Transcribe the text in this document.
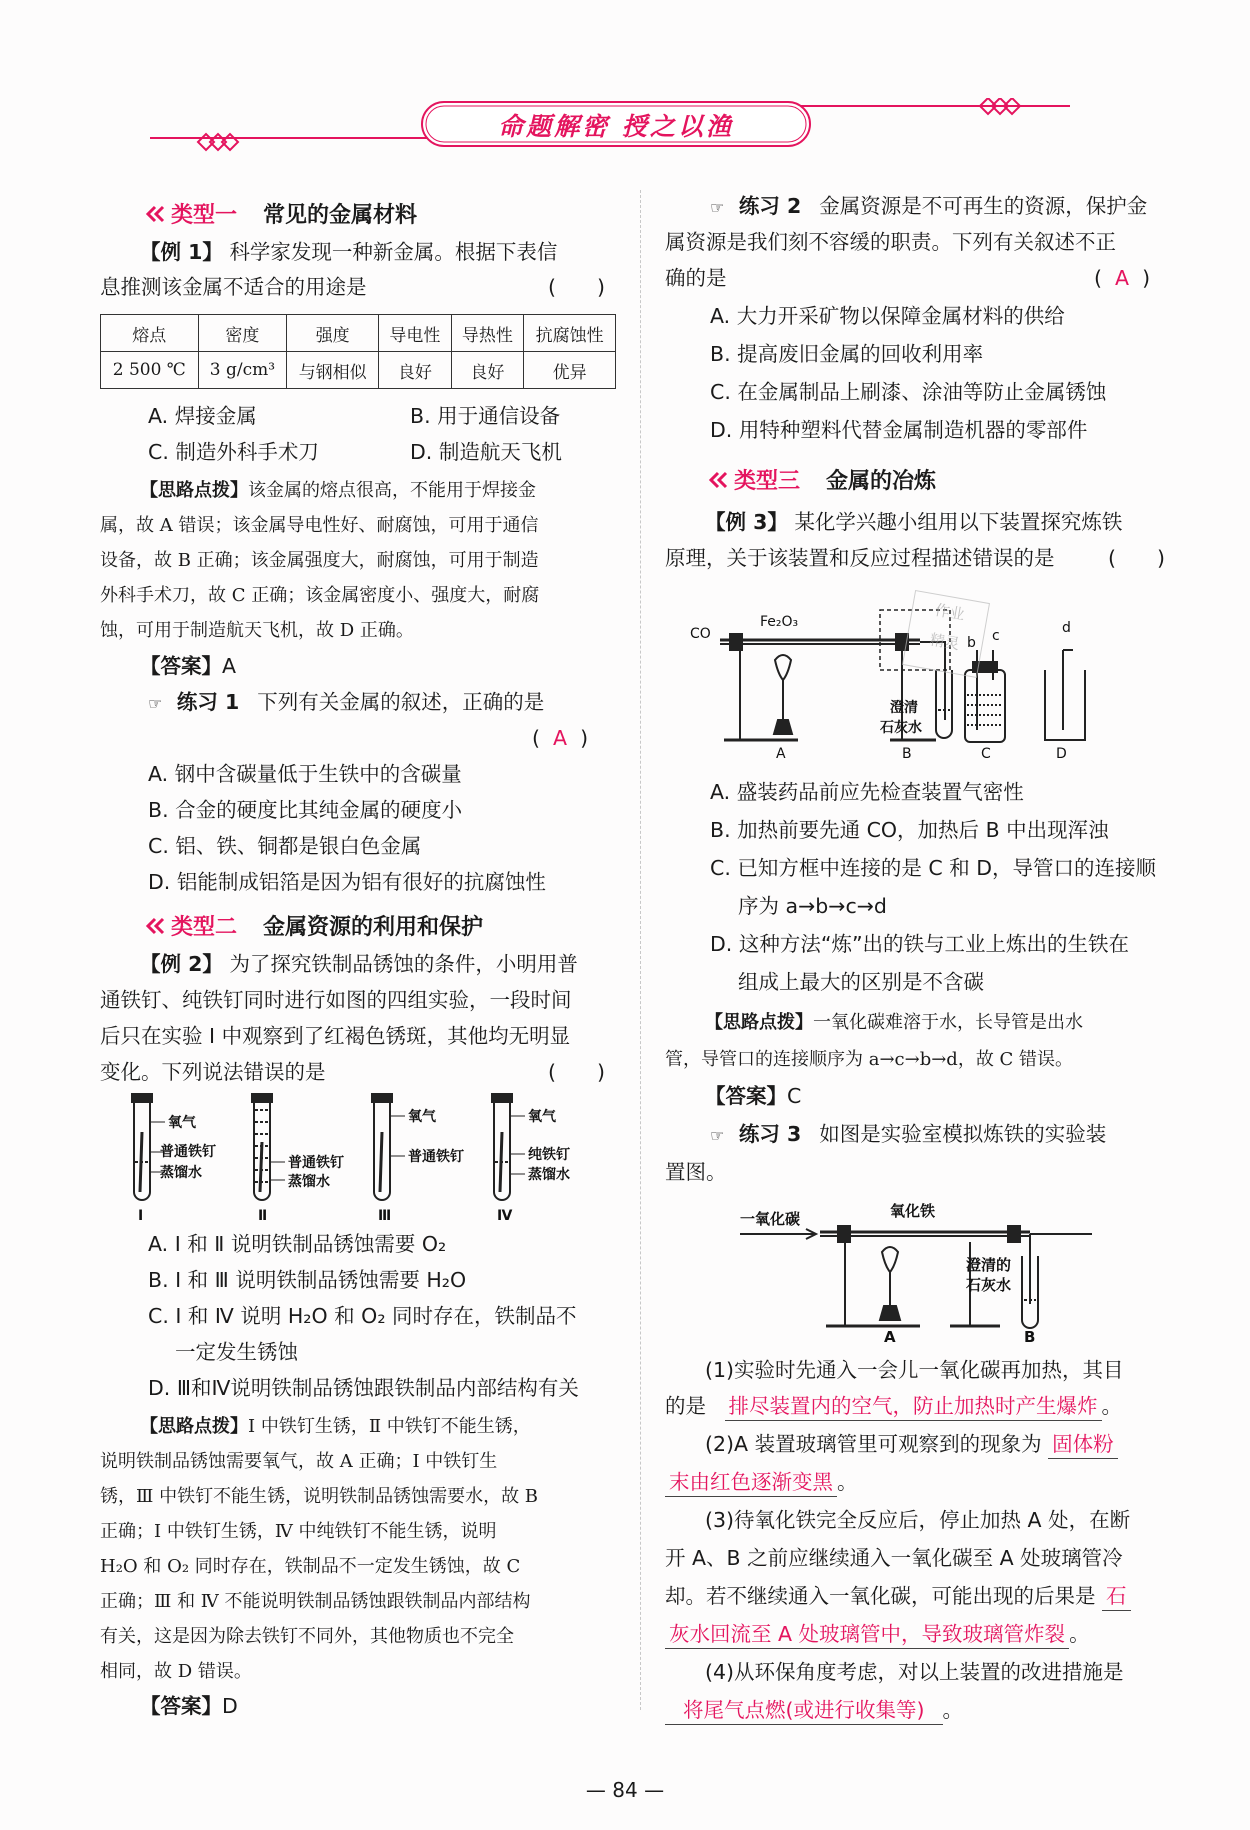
命题解密 授之以渔
类型一 常见的金属材料
【例 1】 科学家发现一种新金属。根据下表信
息推测该金属不适合的用途是	(　　)
熔点	密度	强度	导电性	导热性	抗腐蚀性
2 500 ℃	3 g/cm³	与钢相似	良好	良好	优异
A. 焊接金属	B. 用于通信设备
C. 制造外科手术刀	D. 制造航天飞机
【思路点拨】该金属的熔点很高，不能用于焊接金
属，故 A 错误；该金属导电性好、耐腐蚀，可用于通信
设备，故 B 正确；该金属强度大，耐腐蚀，可用于制造
外科手术刀，故 C 正确；该金属密度小、强度大，耐腐
蚀，可用于制造航天飞机，故 D 正确。
【答案】A
☞ 练习 1 下列有关金属的叙述，正确的是
(  A  )
A. 钢中含碳量低于生铁中的含碳量
B. 合金的硬度比其纯金属的硬度小
C. 铝、铁、铜都是银白色金属
D. 铝能制成铝箔是因为铝有很好的抗腐蚀性
类型二 金属资源的利用和保护
【例 2】 为了探究铁制品锈蚀的条件，小明用普
通铁钉、纯铁钉同时进行如图的四组实验，一段时间
后只在实验 Ⅰ 中观察到了红褐色锈斑，其他均无明显
变化。下列说法错误的是	(　　)
氧气
普通铁钉
蒸馏水
Ⅰ
普通铁钉
蒸馏水
Ⅱ
氧气
普通铁钉
Ⅲ
氧气
纯铁钉
蒸馏水
Ⅳ
A. Ⅰ 和 Ⅱ 说明铁制品锈蚀需要 O₂
B. Ⅰ 和 Ⅲ 说明铁制品锈蚀需要 H₂O
C. Ⅰ 和 Ⅳ 说明 H₂O 和 O₂ 同时存在，铁制品不
一定发生锈蚀
D. Ⅲ和Ⅳ说明铁制品锈蚀跟铁制品内部结构有关
【思路点拨】Ⅰ 中铁钉生锈，Ⅱ 中铁钉不能生锈，
说明铁制品锈蚀需要氧气，故 A 正确；Ⅰ 中铁钉生
锈，Ⅲ 中铁钉不能生锈，说明铁制品锈蚀需要水，故 B
正确；Ⅰ 中铁钉生锈，Ⅳ 中纯铁钉不能生锈，说明
H₂O 和 O₂ 同时存在，铁制品不一定发生锈蚀，故 C
正确；Ⅲ 和 Ⅳ 不能说明铁制品锈蚀跟铁制品内部结构
有关，这是因为除去铁钉不同外，其他物质也不完全
相同，故 D 错误。
【答案】D
☞ 练习 2 金属资源是不可再生的资源，保护金
属资源是我们刻不容缓的职责。下列有关叙述不正
确的是	(  A  )
A. 大力开采矿物以保障金属材料的供给
B. 提高废旧金属的回收利用率
C. 在金属制品上刷漆、涂油等防止金属锈蚀
D. 用特种塑料代替金属制造机器的零部件
类型三 金属的冶炼
【例 3】 某化学兴趣小组用以下装置探究炼铁
原理，关于该装置和反应过程描述错误的是	(　　)
CO
Fe₂O₃
b c	d
澄清
石灰水
A	B	C	D
A. 盛装药品前应先检查装置气密性
B. 加热前要先通 CO，加热后 B 中出现浑浊
C. 已知方框中连接的是 C 和 D，导管口的连接顺
序为 a→b→c→d
D. 这种方法“炼”出的铁与工业上炼出的生铁在
组成上最大的区别是不含碳
【思路点拨】一氧化碳难溶于水，长导管是出水
管，导管口的连接顺序为 a→c→b→d，故 C 错误。
【答案】C
☞ 练习 3 如图是实验室模拟炼铁的实验装
置图。
一氧化碳	氧化铁
澄清的
石灰水
A	B
(1)实验时先通入一会儿一氧化碳再加热，其目
的是 排尽装置内的空气，防止加热时产生爆炸 。
(2)A 装置玻璃管里可观察到的现象为 固体粉
末由红色逐渐变黑 。
(3)待氧化铁完全反应后，停止加热 A 处，在断
开 A、B 之前应继续通入一氧化碳至 A 处玻璃管冷
却。若不继续通入一氧化碳，可能出现的后果是 石
灰水回流至 A 处玻璃管中，导致玻璃管炸裂 。
(4)从环保角度考虑，对以上装置的改进措施是
将尾气点燃(或进行收集等) 。
作业
精灵
— 84 —
